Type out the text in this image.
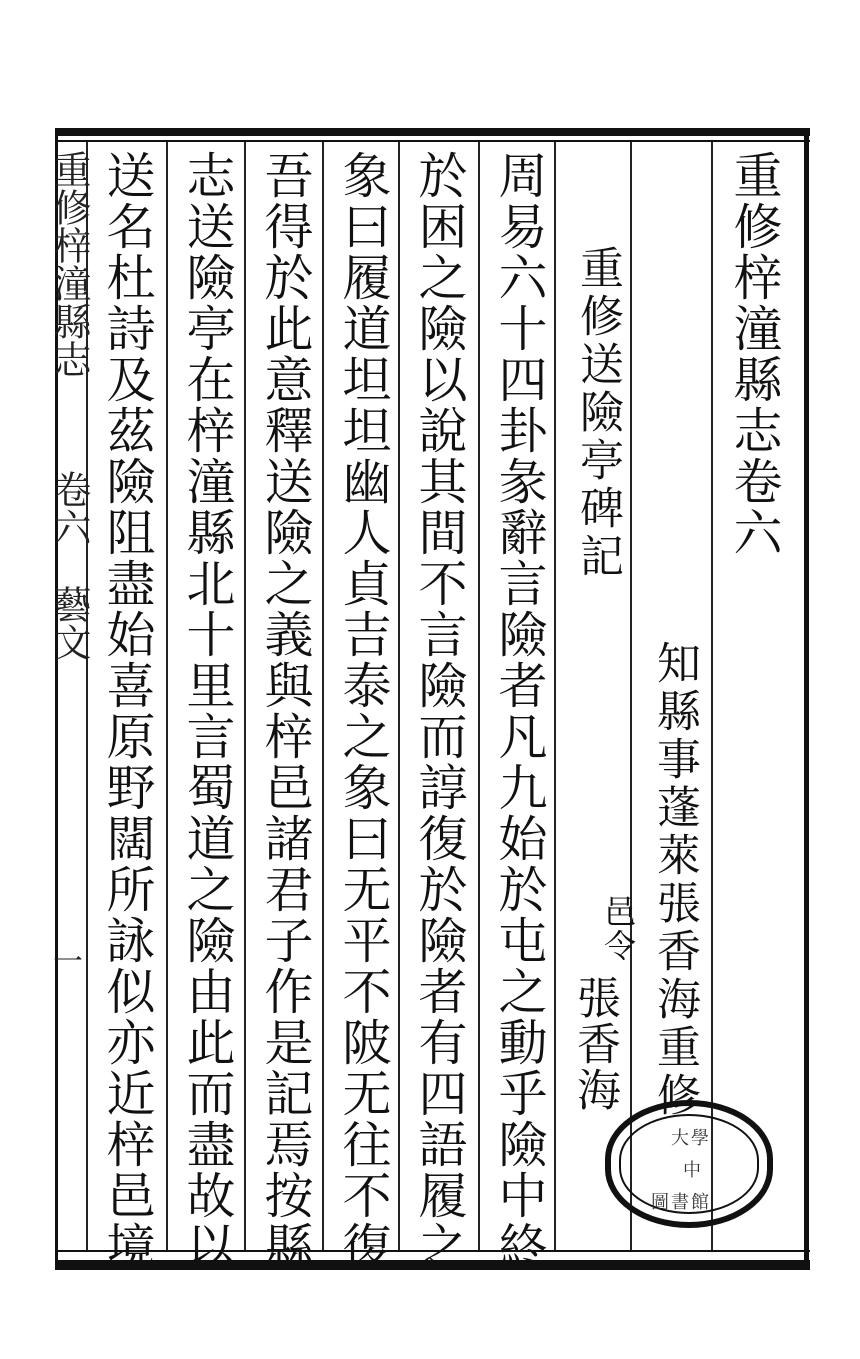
重修梓潼縣志卷六
知縣事蓬萊張香海重修
重修送險亭碑記
邑令
張香海
周易六十四卦彖辭言險者凡九始於屯之動乎險中終
於困之險以說其間不言險而諄復於險者有四語履之
象曰履道坦坦幽人貞吉泰之象曰无平不陂无往不復
吾得於此意釋送險之義與梓邑諸君子作是記焉按縣
志送險亭在梓潼縣北十里言蜀道之險由此而盡故以
送名杜詩及茲險阻盡始喜原野闊所詠似亦近梓邑境
重修梓潼縣志
卷六
藝文
一
大學
中
圖書館
